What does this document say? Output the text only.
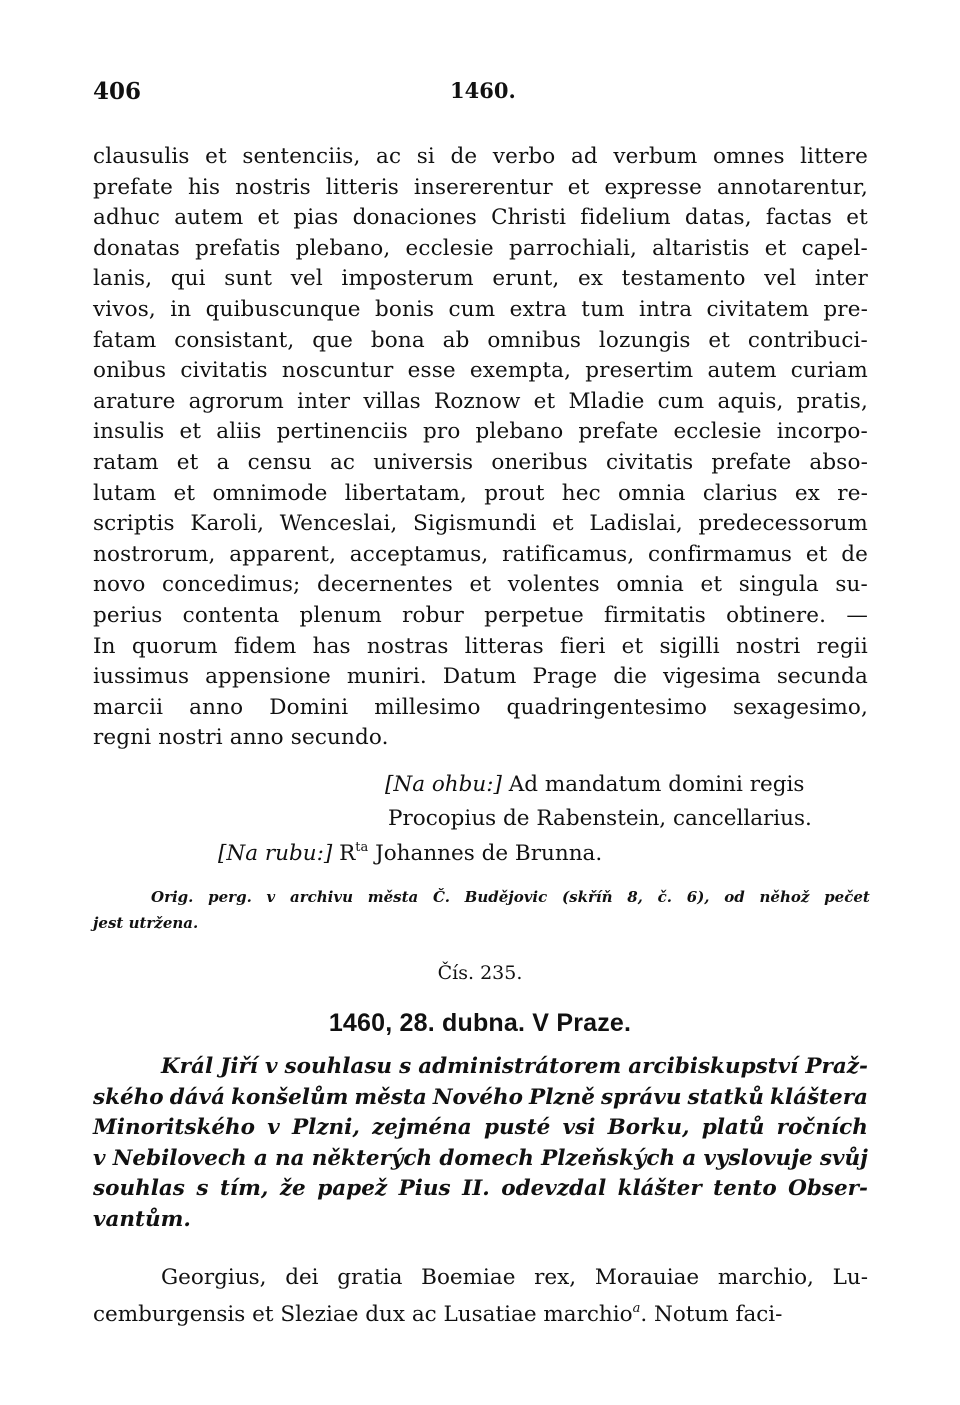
406	1460.
clausulis et sentenciis, ac si de verbo ad verbum omnes littere
prefate his nostris litteris insererentur et expresse annotarentur,
adhuc autem et pias donaciones Christi fidelium datas, factas et
donatas prefatis plebano, ecclesie parrochiali, altaristis et capel-
lanis, qui sunt vel imposterum erunt, ex testamento vel inter
vivos, in quibuscunque bonis cum extra tum intra civitatem pre-
fatam consistant, que bona ab omnibus lozungis et contribuci-
onibus civitatis noscuntur esse exempta, presertim autem curiam
arature agrorum inter villas Roznow et Mladie cum aquis, pratis,
insulis et aliis pertinenciis pro plebano prefate ecclesie incorpo-
ratam et a censu ac universis oneribus civitatis prefate abso-
lutam et omnimode libertatam, prout hec omnia clarius ex re-
scriptis Karoli, Wenceslai, Sigismundi et Ladislai, predecessorum
nostrorum, apparent, acceptamus, ratificamus, confirmamus et de
novo concedimus; decernentes et volentes omnia et singula su-
perius contenta plenum robur perpetue firmitatis obtinere. —
In quorum fidem has nostras litteras fieri et sigilli nostri regii
iussimus appensione muniri. Datum Prage die vigesima secunda
marcii anno Domini millesimo quadringentesimo sexagesimo,
regni nostri anno secundo.
[Na ohbu:] Ad mandatum domini regis
Procopius de Rabenstein, cancellarius.
[Na rubu:] $R^{ta}$ Johannes de Brunna.
Orig. perg. v archivu města Č. Budějovic (skříň 8, č. 6), od něhož pečet
jest utržena.
Čís. 235.
1460, 28. dubna. V Praze.
Král Jiří v souhlasu s administrátorem arcibiskupství Praž-
ského dává konšelům města Nového Plzně správu statků kláštera
Minoritského v Plzni, zejména pusté vsi Borku, platů ročních
v Nebilovech a na některých domech Plzeňských a vyslovuje svůj
souhlas s tím, že papež Pius II. odevzdal klášter tento Obser-
vantům.
Georgius, dei gratia Boemiae rex, Morauiae marchio, Lu-
cemburgensis et Sleziae dux ac Lusatiae marchio$^a$. Notum faci-
